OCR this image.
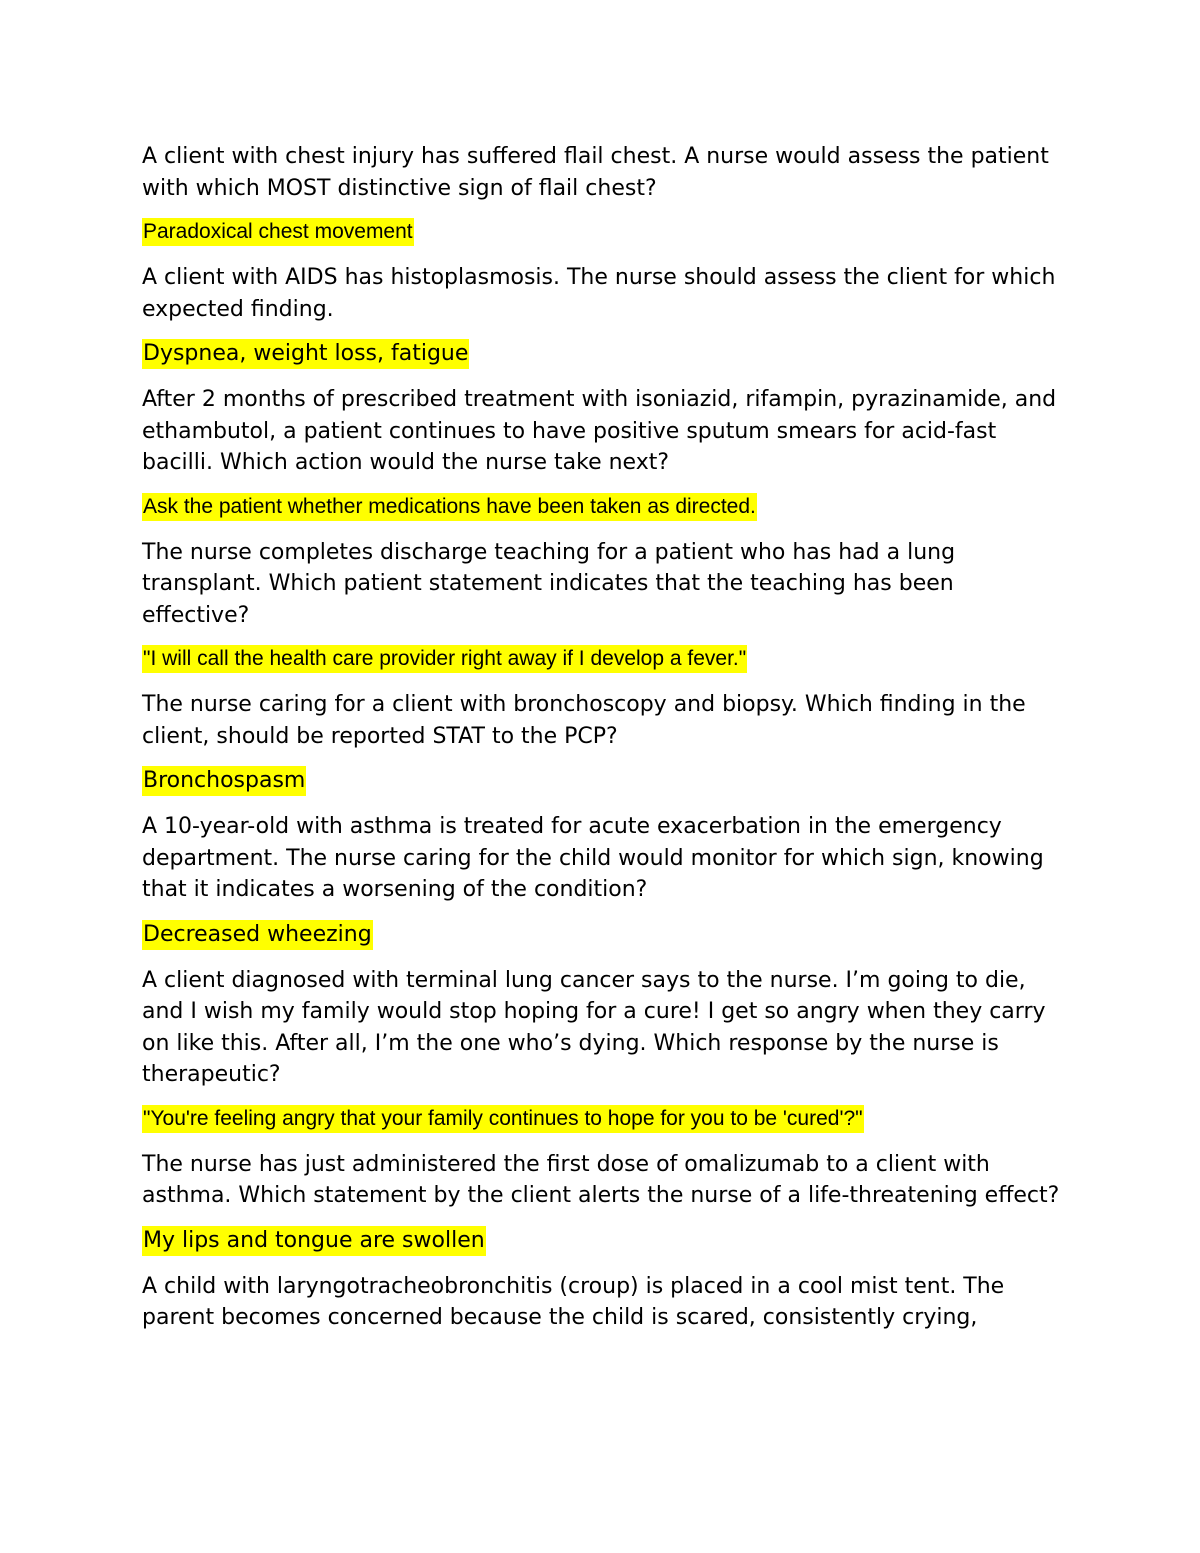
A client with chest injury has suffered flail chest. A nurse would assess the patient with which MOST distinctive sign of flail chest?

Paradoxical chest movement

A client with AIDS has histoplasmosis. The nurse should assess the client for which expected finding.

Dyspnea, weight loss, fatigue

After 2 months of prescribed treatment with isoniazid, rifampin, pyrazinamide, and ethambutol, a patient continues to have positive sputum smears for acid-fast bacilli. Which action would the nurse take next?

Ask the patient whether medications have been taken as directed.

The nurse completes discharge teaching for a patient who has had a lung transplant. Which patient statement indicates that the teaching has been effective?

"I will call the health care provider right away if I develop a fever."

The nurse caring for a client with bronchoscopy and biopsy. Which finding in the client, should be reported STAT to the PCP?

Bronchospasm

A 10-year-old with asthma is treated for acute exacerbation in the emergency department. The nurse caring for the child would monitor for which sign, knowing that it indicates a worsening of the condition?

Decreased wheezing

A client diagnosed with terminal lung cancer says to the nurse. I’m going to die, and I wish my family would stop hoping for a cure! I get so angry when they carry on like this. After all, I’m the one who’s dying. Which response by the nurse is therapeutic?

"You're feeling angry that your family continues to hope for you to be 'cured'?"

The nurse has just administered the first dose of omalizumab to a client with asthma. Which statement by the client alerts the nurse of a life-threatening effect?

My lips and tongue are swollen

A child with laryngotracheobronchitis (croup) is placed in a cool mist tent. The parent becomes concerned because the child is scared, consistently crying,
